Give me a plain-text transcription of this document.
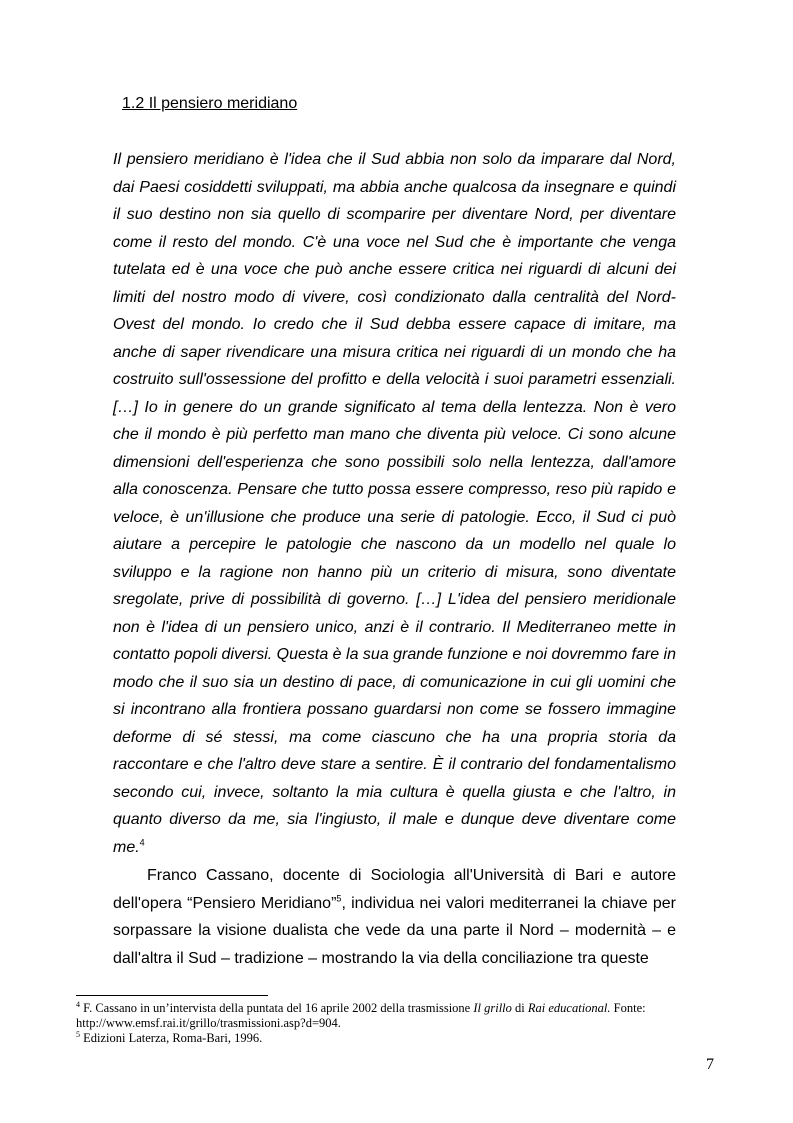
1.2 Il pensiero meridiano

Il pensiero meridiano è l'idea che il Sud abbia non solo da imparare dal Nord, dai Paesi cosiddetti sviluppati, ma abbia anche qualcosa da insegnare e quindi il suo destino non sia quello di scomparire per diventare Nord, per diventare come il resto del mondo. C'è una voce nel Sud che è importante che venga tutelata ed è una voce che può anche essere critica nei riguardi di alcuni dei limiti del nostro modo di vivere, così condizionato dalla centralità del Nord-Ovest del mondo. Io credo che il Sud debba essere capace di imitare, ma anche di saper rivendicare una misura critica nei riguardi di un mondo che ha costruito sull'ossessione del profitto e della velocità i suoi parametri essenziali. […] Io in genere do un grande significato al tema della lentezza. Non è vero che il mondo è più perfetto man mano che diventa più veloce. Ci sono alcune dimensioni dell'esperienza che sono possibili solo nella lentezza, dall'amore alla conoscenza. Pensare che tutto possa essere compresso, reso più rapido e veloce, è un'illusione che produce una serie di patologie. Ecco, il Sud ci può aiutare a percepire le patologie che nascono da un modello nel quale lo sviluppo e la ragione non hanno più un criterio di misura, sono diventate sregolate, prive di possibilità di governo. […] L'idea del pensiero meridionale non è l'idea di un pensiero unico, anzi è il contrario. Il Mediterraneo mette in contatto popoli diversi. Questa è la sua grande funzione e noi dovremmo fare in modo che il suo sia un destino di pace, di comunicazione in cui gli uomini che si incontrano alla frontiera possano guardarsi non come se fossero immagine deforme di sé stessi, ma come ciascuno che ha una propria storia da raccontare e che l'altro deve stare a sentire. È il contrario del fondamentalismo secondo cui, invece, soltanto la mia cultura è quella giusta e che l'altro, in quanto diverso da me, sia l'ingiusto, il male e dunque deve diventare come me.$^4$

Franco Cassano, docente di Sociologia all'Università di Bari e autore dell'opera “Pensiero Meridiano”$^5$, individua nei valori mediterranei la chiave per sorpassare la visione dualista che vede da una parte il Nord – modernità – e dall'altra il Sud – tradizione – mostrando la via della conciliazione tra queste

$^4$ F. Cassano in un’intervista della puntata del 16 aprile 2002 della trasmissione Il grillo di Rai educational. Fonte: http://www.emsf.rai.it/grillo/trasmissioni.asp?d=904.

$^5$ Edizioni Laterza, Roma-Bari, 1996.

7
